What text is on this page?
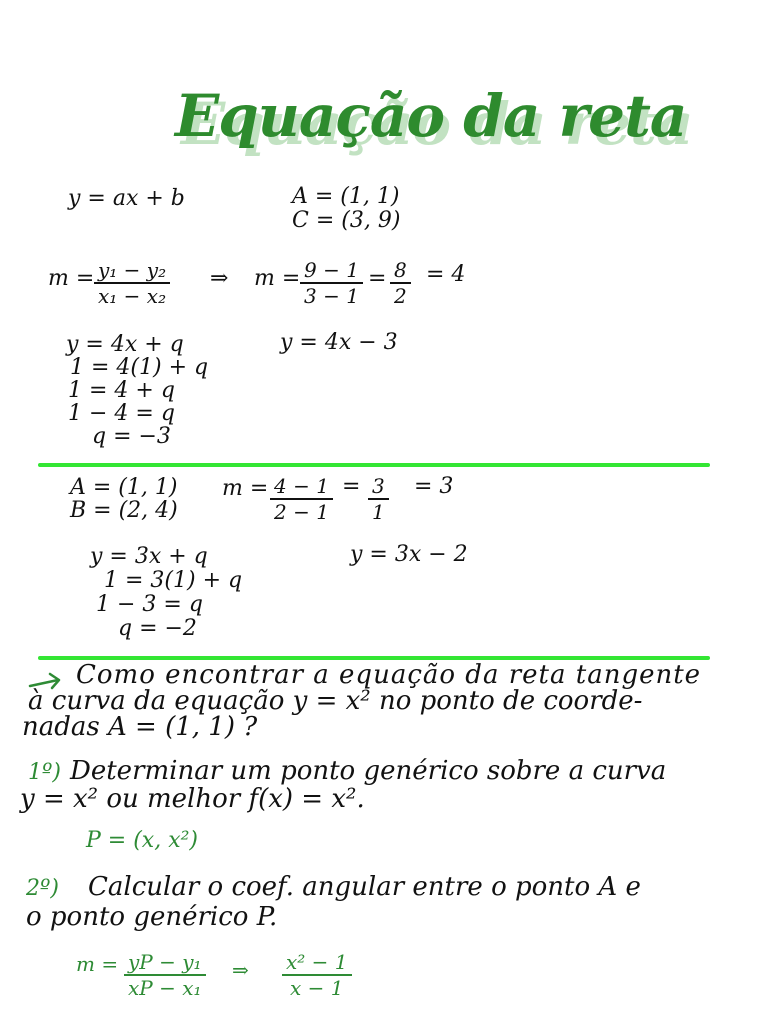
Equação da reta
y = ax + b	A = (1, 1)
C = (3, 9)
$m = \frac{\text{y₁ − y₂}}{\text{x₁ − x₂}}$ ⇒ $m = \frac{9 - 1}{3 - 1} = \frac{8}{2} = 4$
y = 4x + q
1 = 4(1) + q
1 = 4 + q
1 − 4 = q
q = −3
y = 4x − 3
A = (1, 1)
B = (2, 4)
$m = \frac{4 - 1}{2 - 1} = \frac{3}{1} = 3$
y = 3x + q
1 = 3(1) + q
1 − 3 = q
q = −2
y = 3x − 2
Como encontrar a equação da reta tangente
à curva da equação y = x² no ponto de coorde-
nadas A = (1, 1) ?
1º) Determinar um ponto genérico sobre a curva
y = x² ou melhor f(x) = x².
P = (x, x²)
2º) Calcular o coef. angular entre o ponto A e
o ponto genérico P.
$m = \frac{\text{yP − y₁}}{\text{xP − x₁}}$ ⇒ $\frac{\text{x² − 1}}{x - 1}$
